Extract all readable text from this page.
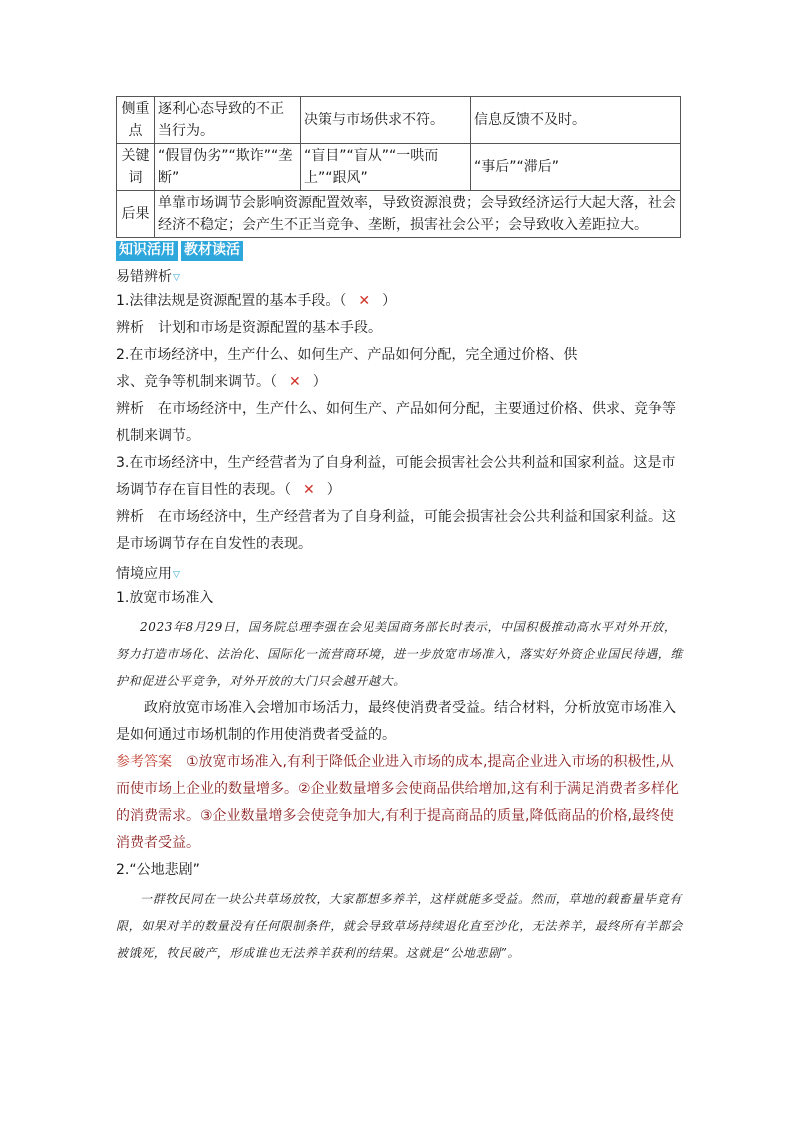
侧重点	逐利心态导致的不正当行为。	决策与市场供求不符。	信息反馈不及时。
关键词	“假冒伪劣”“欺诈”“垄断”	“盲目”“盲从”“一哄而上”“跟风”	“事后”“滞后”
后果	单靠市场调节会影响资源配置效率，导致资源浪费；会导致经济运行大起大落，社会经济不稳定；会产生不正当竞争、垄断，损害社会公平；会导致收入差距拉大。		
知识活用 教材读活
易错辨析▽

1.法律法规是资源配置的基本手段。（ ✕ ）

辨析 计划和市场是资源配置的基本手段。

2.在市场经济中，生产什么、如何生产、产品如何分配，完全通过价格、供求、竞争等机制来调节。（ ✕ ）

辨析 在市场经济中，生产什么、如何生产、产品如何分配，主要通过价格、供求、竞争等机制来调节。

3.在市场经济中，生产经营者为了自身利益，可能会损害社会公共利益和国家利益。这是市场调节存在盲目性的表现。（ ✕ ）

辨析 在市场经济中，生产经营者为了自身利益，可能会损害社会公共利益和国家利益。这是市场调节存在自发性的表现。

情境应用▽

1.放宽市场准入

2023年8月29日，国务院总理李强在会见美国商务部长时表示，中国积极推动高水平对外开放，努力打造市场化、法治化、国际化一流营商环境，进一步放宽市场准入，落实好外资企业国民待遇，维护和促进公平竞争，对外开放的大门只会越开越大。

政府放宽市场准入会增加市场活力，最终使消费者受益。结合材料，分析放宽市场准入是如何通过市场机制的作用使消费者受益的。

参考答案 ①放宽市场准入,有利于降低企业进入市场的成本,提高企业进入市场的积极性,从而使市场上企业的数量增多。②企业数量增多会使商品供给增加,这有利于满足消费者多样化的消费需求。③企业数量增多会使竞争加大,有利于提高商品的质量,降低商品的价格,最终使消费者受益。

2.“公地悲剧”

一群牧民同在一块公共草场放牧，大家都想多养羊，这样就能多受益。然而，草地的载畜量毕竟有限，如果对羊的数量没有任何限制条件，就会导致草场持续退化直至沙化，无法养羊，最终所有羊都会被饿死，牧民破产，形成谁也无法养羊获利的结果。这就是“公地悲剧”。
